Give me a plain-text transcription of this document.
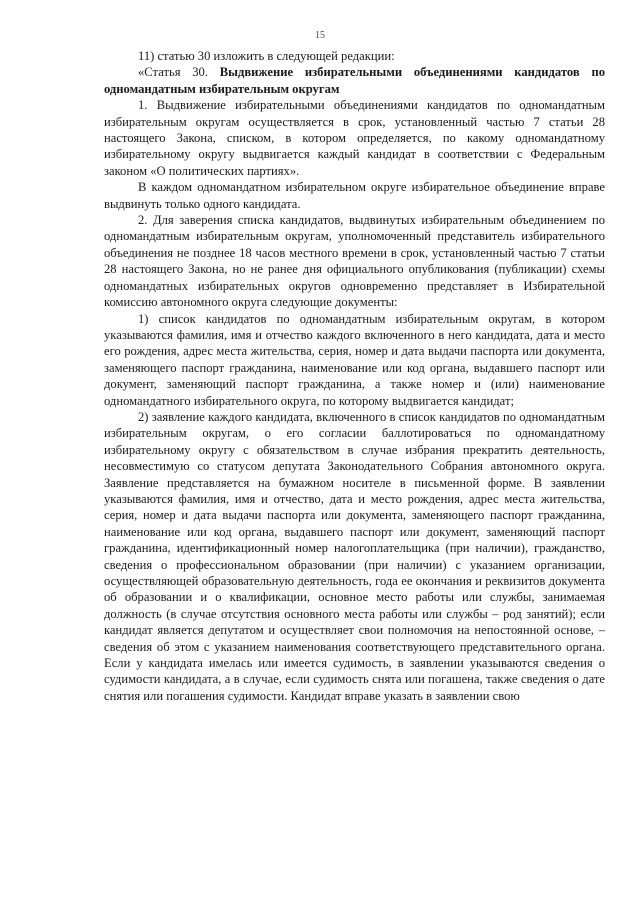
15

11) статью 30 изложить в следующей редакции:

«Статья 30. Выдвижение избирательными объединениями кандидатов по одномандатным избирательным округам

1. Выдвижение избирательными объединениями кандидатов по одномандатным избирательным округам осуществляется в срок, установленный частью 7 статьи 28 настоящего Закона, списком, в котором определяется, по какому одномандатному избирательному округу выдвигается каждый кандидат в соответствии с Федеральным законом «О политических партиях».

В каждом одномандатном избирательном округе избирательное объединение вправе выдвинуть только одного кандидата.

2. Для заверения списка кандидатов, выдвинутых избирательным объединением по одномандатным избирательным округам, уполномоченный представитель избирательного объединения не позднее 18 часов местного времени в срок, установленный частью 7 статьи 28 настоящего Закона, но не ранее дня официального опубликования (публикации) схемы одномандатных избирательных округов одновременно представляет в Избирательной комиссию автономного округа следующие документы:

1) список кандидатов по одномандатным избирательным округам, в котором указываются фамилия, имя и отчество каждого включенного в него кандидата, дата и место его рождения, адрес места жительства, серия, номер и дата выдачи паспорта или документа, заменяющего паспорт гражданина, наименование или код органа, выдавшего паспорт или документ, заменяющий паспорт гражданина, а также номер и (или) наименование одномандатного избирательного округа, по которому выдвигается кандидат;

2) заявление каждого кандидата, включенного в список кандидатов по одномандатным избирательным округам, о его согласии баллотироваться по одномандатному избирательному округу с обязательством в случае избрания прекратить деятельность, несовместимую со статусом депутата Законодательного Собрания автономного округа. Заявление представляется на бумажном носителе в письменной форме. В заявлении указываются фамилия, имя и отчество, дата и место рождения, адрес места жительства, серия, номер и дата выдачи паспорта или документа, заменяющего паспорт гражданина, наименование или код органа, выдавшего паспорт или документ, заменяющий паспорт гражданина, идентификационный номер налогоплательщика (при наличии), гражданство, сведения о профессиональном образовании (при наличии) с указанием организации, осуществляющей образовательную деятельность, года ее окончания и реквизитов документа об образовании и о квалификации, основное место работы или службы, занимаемая должность (в случае отсутствия основного места работы или службы – род занятий); если кандидат является депутатом и осуществляет свои полномочия на непостоянной основе, – сведения об этом с указанием наименования соответствующего представительного органа. Если у кандидата имелась или имеется судимость, в заявлении указываются сведения о судимости кандидата, а в случае, если судимость снята или погашена, также сведения о дате снятия или погашения судимости. Кандидат вправе указать в заявлении свою
